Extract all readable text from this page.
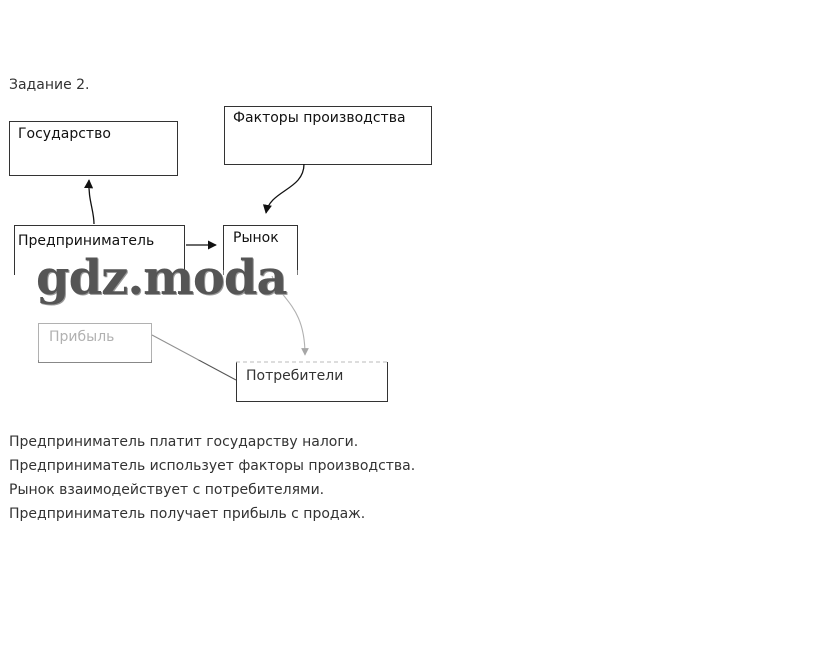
Задание 2.
Государство
Факторы производства
Предприниматель	Рынок
Прибыль
Потребители
gdz.moda
Предприниматель платит государству налоги.
Предприниматель использует факторы производства.
Рынок взаимодействует с потребителями.
Предприниматель получает прибыль с продаж.
